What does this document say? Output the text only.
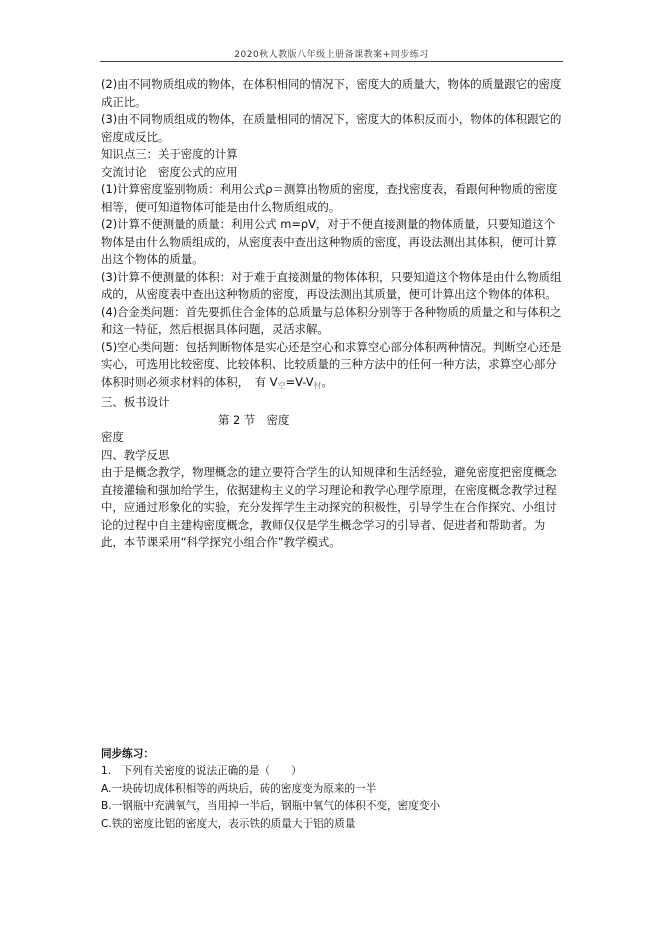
2020秋人教版八年级上册备课教案+同步练习

(2)由不同物质组成的物体，在体积相同的情况下，密度大的质量大，物体的质量跟它的密度成正比。

(3)由不同物质组成的物体，在质量相同的情况下，密度大的体积反而小，物体的体积跟它的密度成反比。

知识点三：关于密度的计算

交流讨论　密度公式的应用

(1)计算密度鉴别物质：利用公式ρ＝测算出物质的密度，查找密度表，看跟何种物质的密度相等，便可知道物体可能是由什么物质组成的。

(2)计算不便测量的质量：利用公式 m=ρV，对于不便直接测量的物体质量，只要知道这个物体是由什么物质组成的，从密度表中查出这种物质的密度，再设法测出其体积，便可计算出这个物体的质量。

(3)计算不便测量的体积：对于难于直接测量的物体体积，只要知道这个物体是由什么物质组成的，从密度表中查出这种物质的密度，再设法测出其质量，便可计算出这个物体的体积。

(4)合金类问题：首先要抓住合金体的总质量与总体积分别等于各种物质的质量之和与体积之和这一特征，然后根据具体问题，灵活求解。

(5)空心类问题：包括判断物体是实心还是空心和求算空心部分体积两种情况。判断空心还是实心，可选用比较密度、比较体积、比较质量的三种方法中的任何一种方法，求算空心部分体积时则必须求材料的体积，　有 $V_空=V-V_材$。

三、板书设计

第 2 节　密度

密度

四、教学反思

由于是概念教学，物理概念的建立要符合学生的认知规律和生活经验，避免密度把密度概念直接灌输和强加给学生，依据建构主义的学习理论和教学心理学原理，在密度概念教学过程中，应通过形象化的实验，充分发挥学生主动探究的积极性，引导学生在合作探究、小组讨论的过程中自主建构密度概念，教师仅仅是学生概念学习的引导者、促进者和帮助者。为此，本节课采用“科学探究小组合作”教学模式。

同步练习：

1.　下列有关密度的说法正确的是（　　）

A.一块砖切成体积相等的两块后，砖的密度变为原来的一半

B.一钢瓶中充满氧气，当用掉一半后，钢瓶中氧气的体积不变，密度变小

C.铁的密度比铝的密度大，表示铁的质量大于铝的质量
